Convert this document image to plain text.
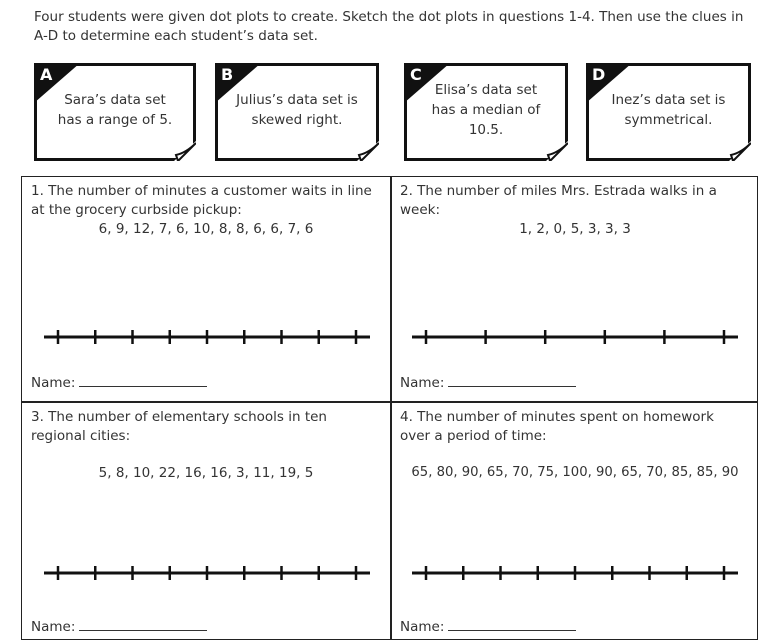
Four students were given dot plots to create. Sketch the dot plots in questions 1-4. Then use the clues in A-D to determine each student’s data set.
A
Sara’s data set has a range of 5.
B
Julius’s data set is skewed right.
C
Elisa’s data set has a median of 10.5.
D
Inez’s data set is symmetrical.
1. The number of minutes a customer waits in line at the grocery curbside pickup:
6, 9, 12, 7, 6, 10, 8, 8, 6, 6, 7, 6
Name:
2. The number of miles Mrs. Estrada walks in a week:
1, 2, 0, 5, 3, 3, 3
Name:
3. The number of elementary schools in ten regional cities:
5, 8, 10, 22, 16, 16, 3, 11, 19, 5
Name:
4. The number of minutes spent on homework over a period of time:
65, 80, 90, 65, 70, 75, 100, 90, 65, 70, 85, 85, 90
Name:
